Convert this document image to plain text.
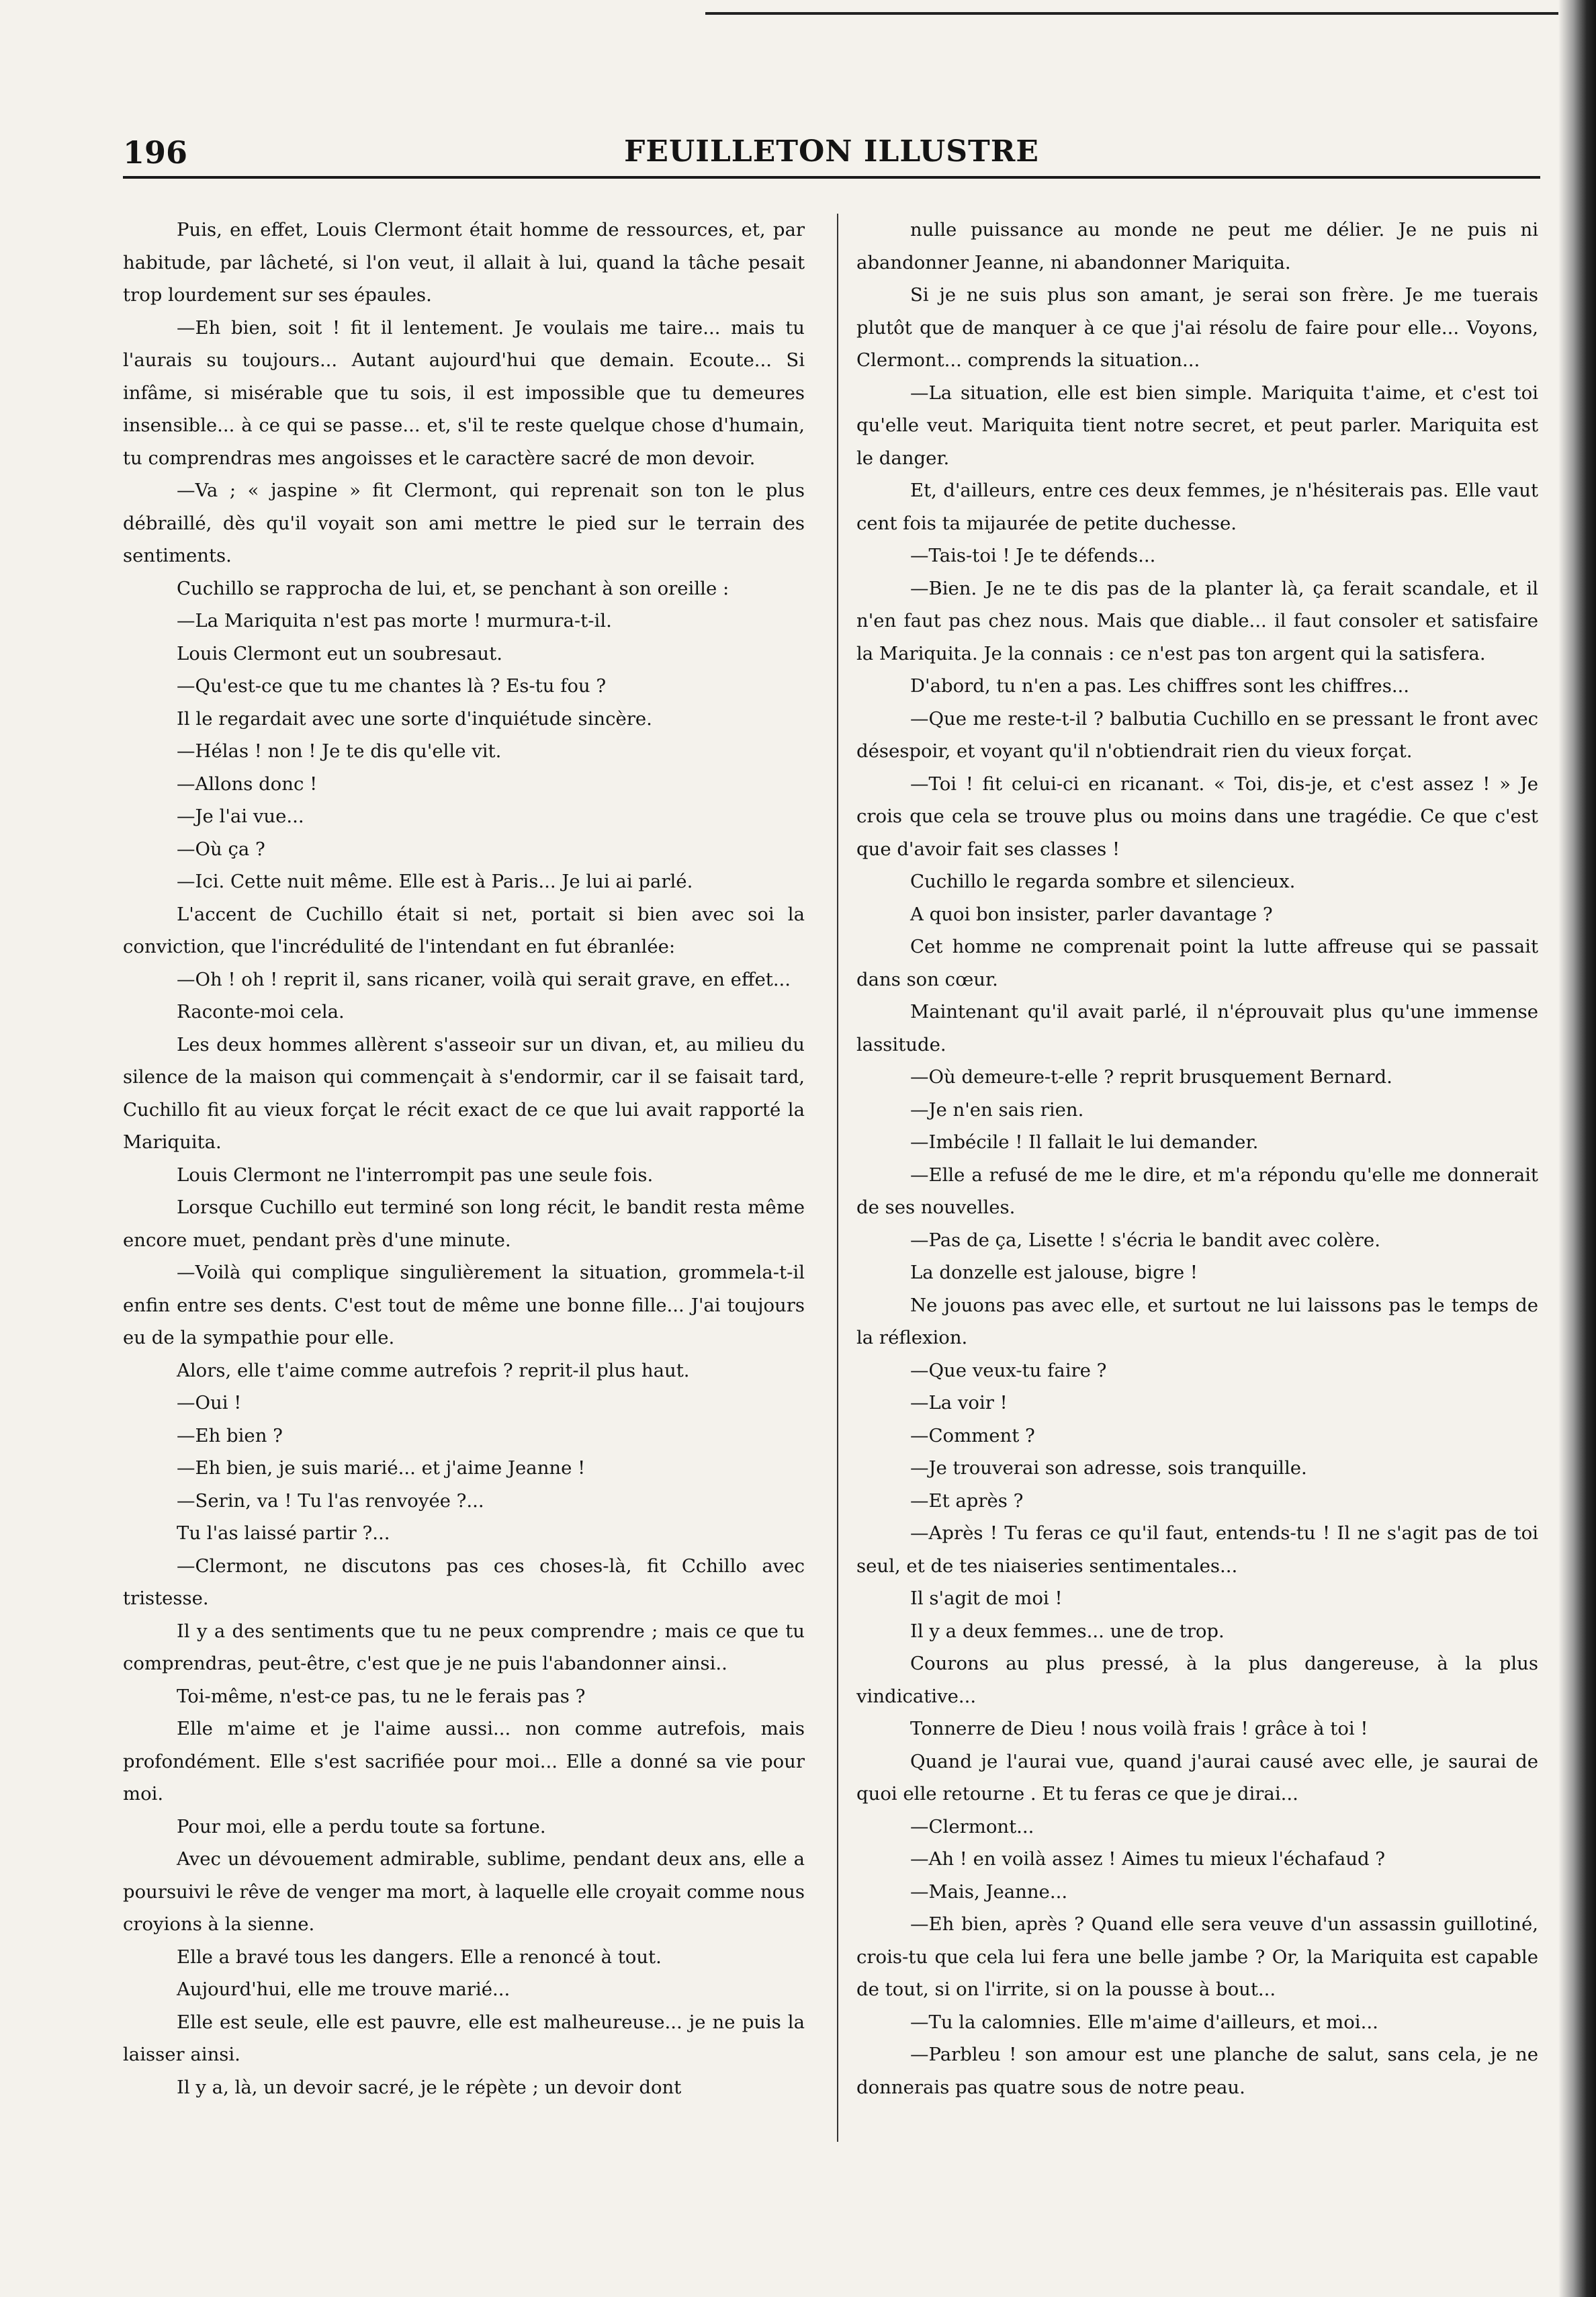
196	FEUILLETON ILLUSTRE

Puis, en effet, Louis Clermont était homme de ressources, et, par habitude, par lâcheté, si l'on veut, il allait à lui, quand la tâche pesait trop lourdement sur ses épaules.

—Eh bien, soit ! fit il lentement. Je voulais me taire... mais tu l'aurais su toujours... Autant aujourd'hui que demain. Ecoute... Si infâme, si misérable que tu sois, il est impossible que tu demeures insensible... à ce qui se passe... et, s'il te reste quelque chose d'humain, tu comprendras mes angoisses et le caractère sacré de mon devoir.

—Va ; « jaspine » fit Clermont, qui reprenait son ton le plus débraillé, dès qu'il voyait son ami mettre le pied sur le terrain des sentiments.

Cuchillo se rapprocha de lui, et, se penchant à son oreille :

—La Mariquita n'est pas morte ! murmura-t-il.

Louis Clermont eut un soubresaut.

—Qu'est-ce que tu me chantes là ? Es-tu fou ?

Il le regardait avec une sorte d'inquiétude sincère.

—Hélas ! non ! Je te dis qu'elle vit.

—Allons donc !

—Je l'ai vue...

—Où ça ?

—Ici. Cette nuit même. Elle est à Paris... Je lui ai parlé.

L'accent de Cuchillo était si net, portait si bien avec soi la conviction, que l'incrédulité de l'intendant en fut ébranlée:

—Oh ! oh ! reprit il, sans ricaner, voilà qui serait grave, en effet...

Raconte-moi cela.

Les deux hommes allèrent s'asseoir sur un divan, et, au milieu du silence de la maison qui commençait à s'endormir, car il se faisait tard, Cuchillo fit au vieux forçat le récit exact de ce que lui avait rapporté la Mariquita.

Louis Clermont ne l'interrompit pas une seule fois.

Lorsque Cuchillo eut terminé son long récit, le bandit resta même encore muet, pendant près d'une minute.

—Voilà qui complique singulièrement la situation, grommela-t-il enfin entre ses dents. C'est tout de même une bonne fille... J'ai toujours eu de la sympathie pour elle.

Alors, elle t'aime comme autrefois ? reprit-il plus haut.

—Oui !

—Eh bien ?

—Eh bien, je suis marié... et j'aime Jeanne !

—Serin, va ! Tu l'as renvoyée ?...

Tu l'as laissé partir ?...

—Clermont, ne discutons pas ces choses-là, fit Cchillo avec tristesse.

Il y a des sentiments que tu ne peux comprendre ; mais ce que tu comprendras, peut-être, c'est que je ne puis l'abandonner ainsi..

Toi-même, n'est-ce pas, tu ne le ferais pas ?

Elle m'aime et je l'aime aussi... non comme autrefois, mais profondément. Elle s'est sacrifiée pour moi... Elle a donné sa vie pour moi.

Pour moi, elle a perdu toute sa fortune.

Avec un dévouement admirable, sublime, pendant deux ans, elle a poursuivi le rêve de venger ma mort, à laquelle elle croyait comme nous croyions à la sienne.

Elle a bravé tous les dangers. Elle a renoncé à tout.

Aujourd'hui, elle me trouve marié...

Elle est seule, elle est pauvre, elle est malheureuse... je ne puis la laisser ainsi.

Il y a, là, un devoir sacré, je le répète ; un devoir dont

nulle puissance au monde ne peut me délier. Je ne puis ni abandonner Jeanne, ni abandonner Mariquita.

Si je ne suis plus son amant, je serai son frère. Je me tuerais plutôt que de manquer à ce que j'ai résolu de faire pour elle... Voyons, Clermont... comprends la situation...

—La situation, elle est bien simple. Mariquita t'aime, et c'est toi qu'elle veut. Mariquita tient notre secret, et peut parler. Mariquita est le danger.

Et, d'ailleurs, entre ces deux femmes, je n'hésiterais pas. Elle vaut cent fois ta mijaurée de petite duchesse.

—Tais-toi ! Je te défends...

—Bien. Je ne te dis pas de la planter là, ça ferait scandale, et il n'en faut pas chez nous. Mais que diable... il faut consoler et satisfaire la Mariquita. Je la connais : ce n'est pas ton argent qui la satisfera.

D'abord, tu n'en a pas. Les chiffres sont les chiffres...

—Que me reste-t-il ? balbutia Cuchillo en se pressant le front avec désespoir, et voyant qu'il n'obtiendrait rien du vieux forçat.

—Toi ! fit celui-ci en ricanant. « Toi, dis-je, et c'est assez ! » Je crois que cela se trouve plus ou moins dans une tragédie. Ce que c'est que d'avoir fait ses classes !

Cuchillo le regarda sombre et silencieux.

A quoi bon insister, parler davantage ?

Cet homme ne comprenait point la lutte affreuse qui se passait dans son cœur.

Maintenant qu'il avait parlé, il n'éprouvait plus qu'une immense lassitude.

—Où demeure-t-elle ? reprit brusquement Bernard.

—Je n'en sais rien.

—Imbécile ! Il fallait le lui demander.

—Elle a refusé de me le dire, et m'a répondu qu'elle me donnerait de ses nouvelles.

—Pas de ça, Lisette ! s'écria le bandit avec colère.

La donzelle est jalouse, bigre !

Ne jouons pas avec elle, et surtout ne lui laissons pas le temps de la réflexion.

—Que veux-tu faire ?

—La voir !

—Comment ?

—Je trouverai son adresse, sois tranquille.

—Et après ?

—Après ! Tu feras ce qu'il faut, entends-tu ! Il ne s'agit pas de toi seul, et de tes niaiseries sentimentales...

Il s'agit de moi !

Il y a deux femmes... une de trop.

Courons au plus pressé, à la plus dangereuse, à la plus vindicative...

Tonnerre de Dieu ! nous voilà frais ! grâce à toi !

Quand je l'aurai vue, quand j'aurai causé avec elle, je saurai de quoi elle retourne . Et tu feras ce que je dirai...

—Clermont...

—Ah ! en voilà assez ! Aimes tu mieux l'échafaud ?

—Mais, Jeanne...

—Eh bien, après ? Quand elle sera veuve d'un assassin guillotiné, crois-tu que cela lui fera une belle jambe ? Or, la Mariquita est capable de tout, si on l'irrite, si on la pousse à bout...

—Tu la calomnies. Elle m'aime d'ailleurs, et moi...

—Parbleu ! son amour est une planche de salut, sans cela, je ne donnerais pas quatre sous de notre peau.
